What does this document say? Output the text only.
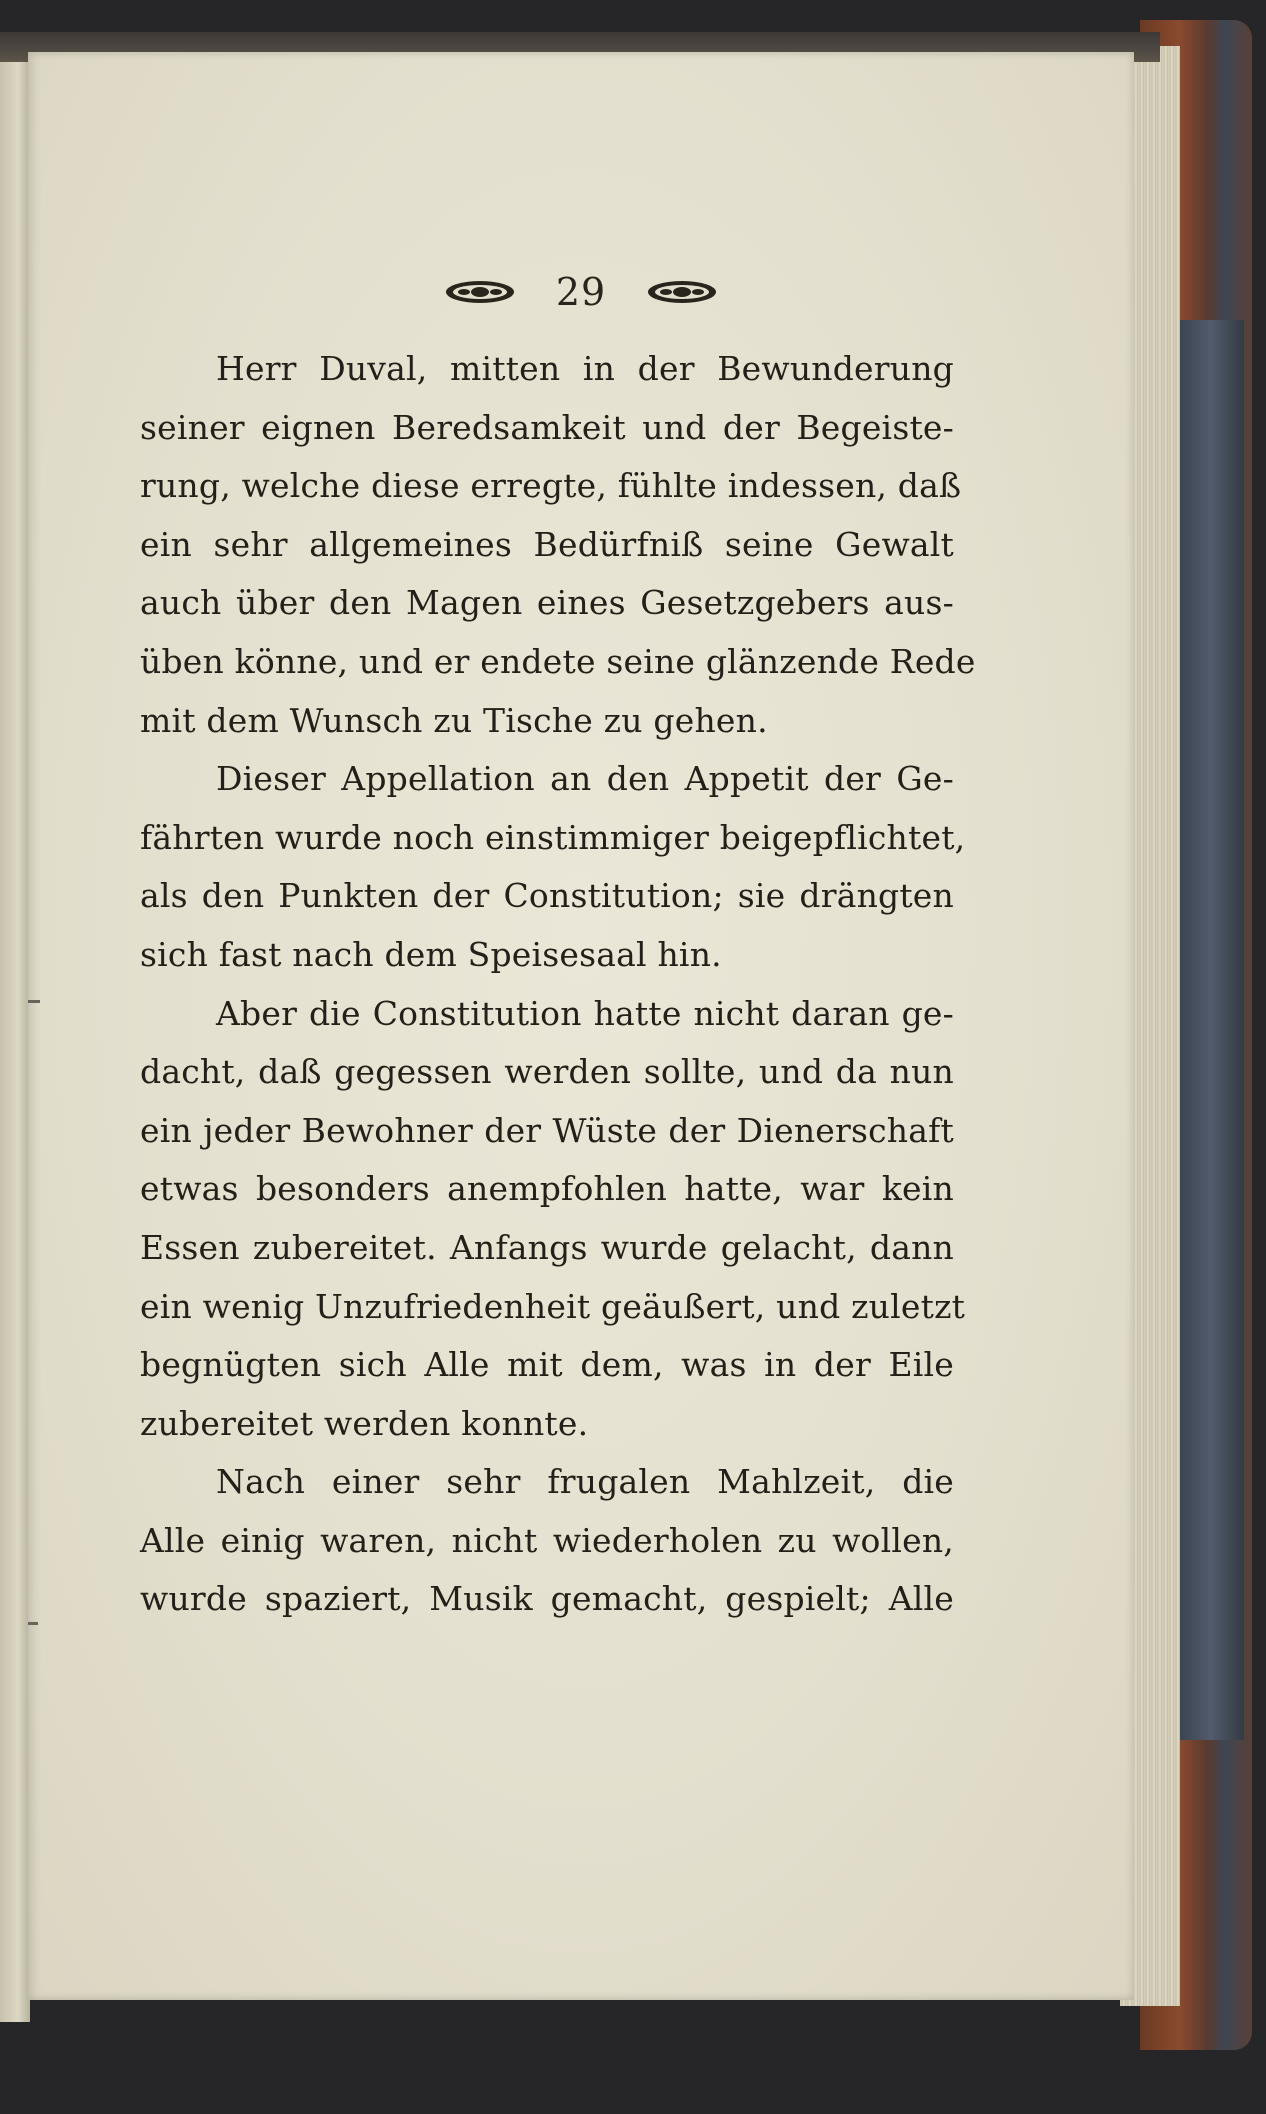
29
Herr Duval, mitten in der Bewunderung
seiner eignen Beredsamkeit und der Begeiste-
rung, welche diese erregte, fühlte indessen, daß
ein sehr allgemeines Bedürfniß seine Gewalt
auch über den Magen eines Gesetzgebers aus-
üben könne, und er endete seine glänzende Rede
mit dem Wunsch zu Tische zu gehen.
Dieser Appellation an den Appetit der Ge-
fährten wurde noch einstimmiger beigepflichtet,
als den Punkten der Constitution; sie drängten
sich fast nach dem Speisesaal hin.
Aber die Constitution hatte nicht daran ge-
dacht, daß gegessen werden sollte, und da nun
ein jeder Bewohner der Wüste der Dienerschaft
etwas besonders anempfohlen hatte, war kein
Essen zubereitet. Anfangs wurde gelacht, dann
ein wenig Unzufriedenheit geäußert, und zuletzt
begnügten sich Alle mit dem, was in der Eile
zubereitet werden konnte.
Nach einer sehr frugalen Mahlzeit, die
Alle einig waren, nicht wiederholen zu wollen,
wurde spaziert, Musik gemacht, gespielt; Alle
